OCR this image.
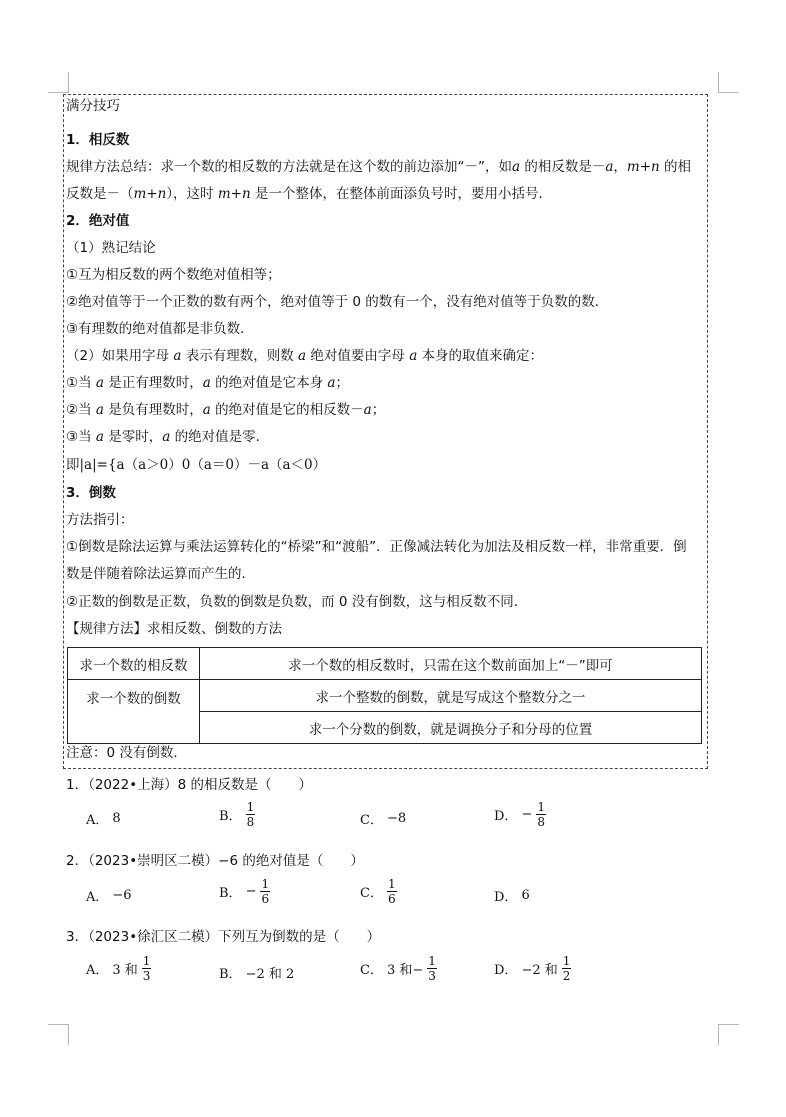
满分技巧
1．相反数
规律方法总结：求一个数的相反数的方法就是在这个数的前边添加“－”，如a 的相反数是－a，m+n 的相
反数是－（m+n），这时 m+n 是一个整体，在整体前面添负号时，要用小括号．
2．绝对值
（1）熟记结论
①互为相反数的两个数绝对值相等；
②绝对值等于一个正数的数有两个，绝对值等于 0 的数有一个，没有绝对值等于负数的数．
③有理数的绝对值都是非负数．
（2）如果用字母 a 表示有理数，则数 a 绝对值要由字母 a 本身的取值来确定：
①当 a 是正有理数时，a 的绝对值是它本身 a；
②当 a 是负有理数时，a 的绝对值是它的相反数－a；
③当 a 是零时，a 的绝对值是零．
即|a|={a（a＞0）0（a＝0）－a（a＜0）
3．倒数
方法指引：
①倒数是除法运算与乘法运算转化的“桥梁”和“渡船”．正像减法转化为加法及相反数一样，非常重要．倒
数是伴随着除法运算而产生的．
②正数的倒数是正数，负数的倒数是负数，而 0 没有倒数，这与相反数不同．
【规律方法】求相反数、倒数的方法
求一个数的相反数	求一个数的相反数时，只需在这个数前面加上“－”即可
求一个数的倒数	求一个整数的倒数，就是写成这个整数分之一
	求一个分数的倒数，就是调换分子和分母的位置
注意：0 没有倒数．
1．（2022•上海）8 的相反数是（　　）
A． 8	B． $\frac{1}{8}$	C． −8	D． − $\frac{1}{8}$
2．（2023•崇明区二模）−6 的绝对值是（　　）
A． −6	B． − $\frac{1}{6}$	C． $\frac{1}{6}$	D． 6
3．（2023•徐汇区二模）下列互为倒数的是（　　）
A． 3 和 $\frac{1}{3}$	B． −2 和 2	C． 3 和− $\frac{1}{3}$	D． −2 和 $\frac{1}{2}$
